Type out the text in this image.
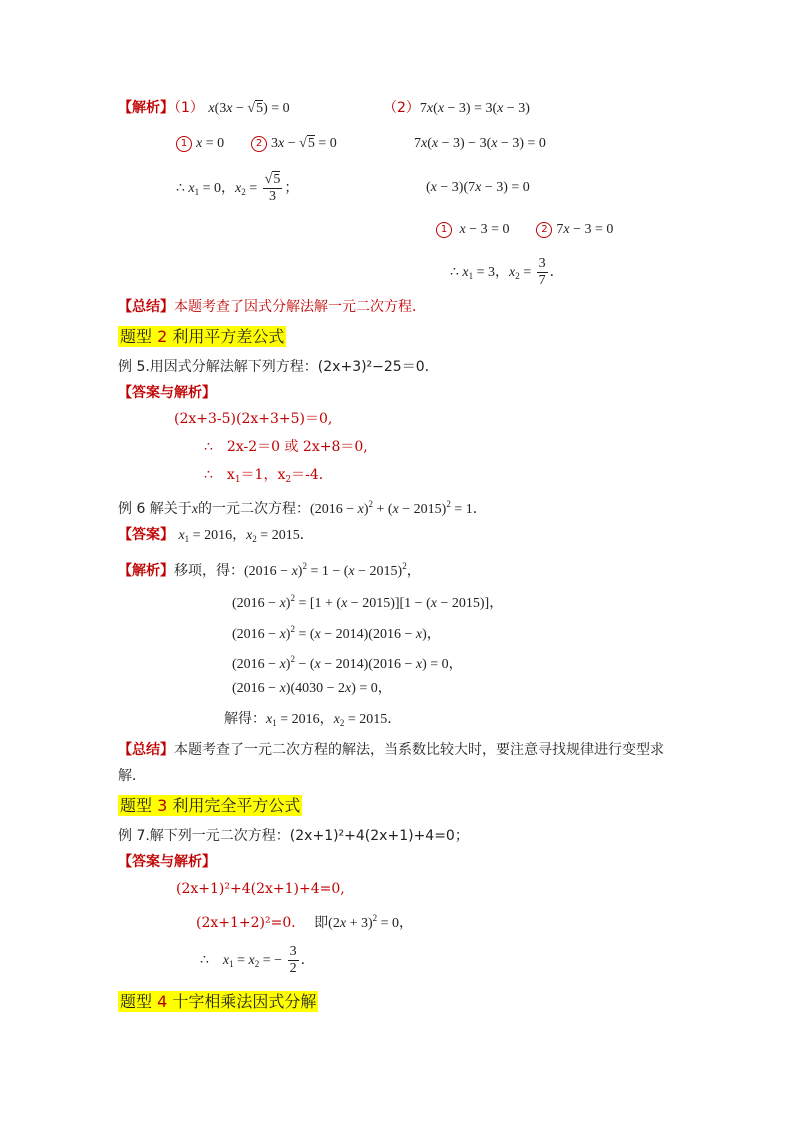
【解析】（1） x(3x − √5) = 0	（2）7x(x − 3) = 3(x − 3)
1 x = 0	2 3x − √5 = 0	7x(x − 3) − 3(x − 3) = 0
∴ $x_1 = 0$，$x_2 = \frac{√5}{3}$ ；	(x − 3)(7x − 3) = 0
1 x − 3 = 0	2 7x − 3 = 0
∴ $x_1 = 3$，$x_2 = \frac{3}{7}$ ．
【总结】本题考查了因式分解法解一元二次方程．
题型 2 利用平方差公式
例 5.用因式分解法解下列方程：(2x+3)²−25＝0．
【答案与解析】
(2x+3-5)(2x+3+5)＝0,
∴　2x-2＝0 或 2x+8＝0,
∴　$x_1=1$，$x_2=-4$．
例 6 解关于x的一元二次方程：$(2016 - x)^2 + (x - 2015)^2 = 1$．
【答案】 $x_1 = 2016$，$x_2 = 2015$．
【解析】移项，得：$(2016 - x)^2 = 1 - (x - 2015)^2$，
$(2016 - x)^2 = [1 + (x - 2015)][1 - (x - 2015)]$，
$(2016 - x)^2 = (x - 2014)(2016 - x)$，
$(2016 - x)^2 - (x - 2014)(2016 - x) = 0$，
(2016 − x)(4030 − 2x) = 0，
解得：$x_1 = 2016$，$x_2 = 2015$．
【总结】本题考查了一元二次方程的解法，当系数比较大时，要注意寻找规律进行变型求
解．
题型 3 利用完全平方公式
例 7.解下列一元二次方程：(2x+1)²+4(2x+1)+4=0；
【答案与解析】
(2x+1)²+4(2x+1)+4=0,
(2x+1+2)²=0． 即$(2x + 3)^2 = 0$，
∴    $x_1 = x_2$ = − $\frac{3}{2}$ ．
题型 4 十字相乘法因式分解
